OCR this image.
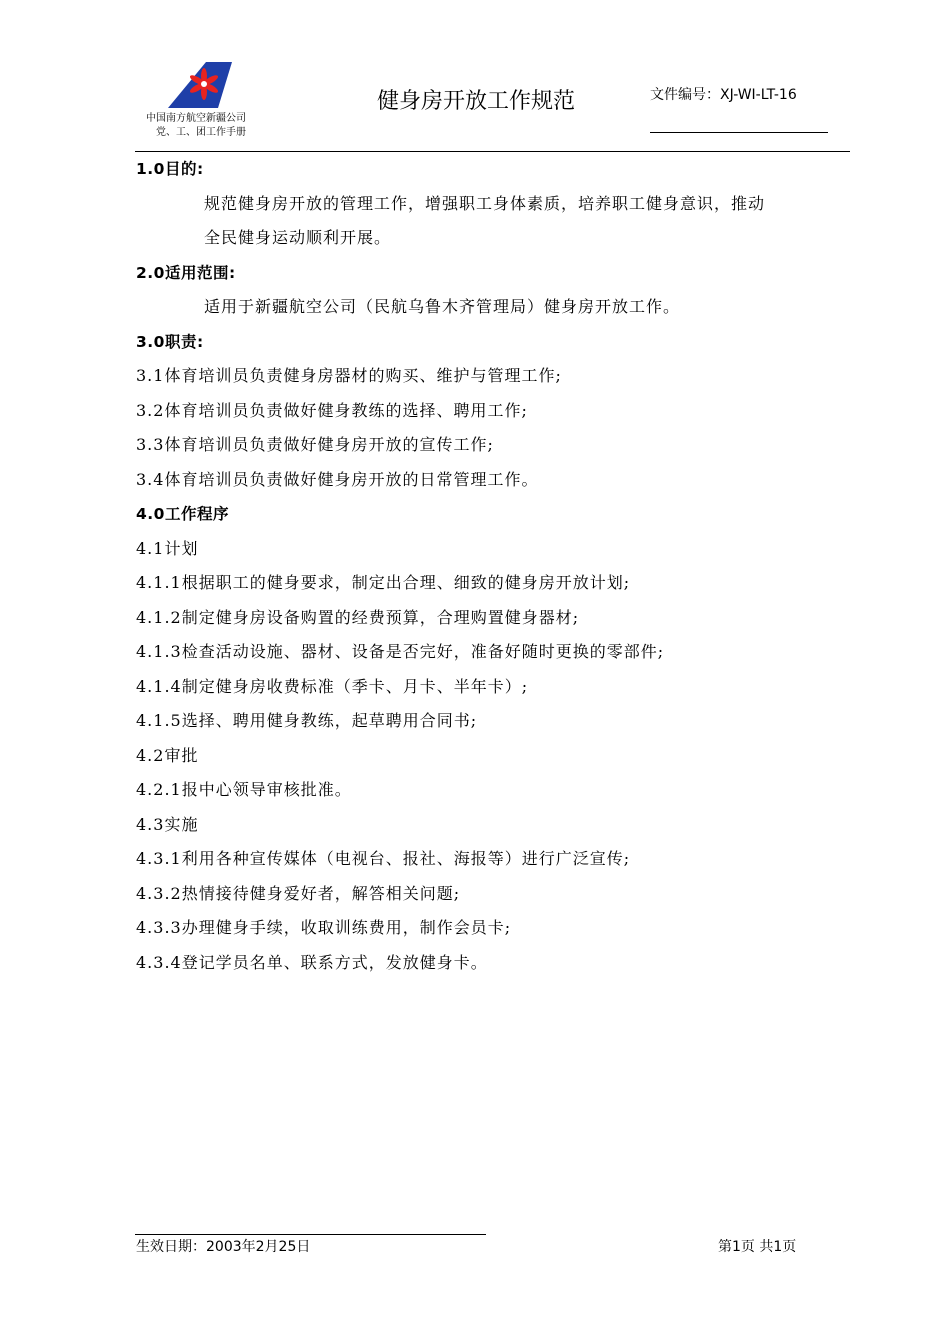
中国南方航空新疆公司
党、工、团工作手册
健身房开放工作规范	文件编号：XJ-WI-LT-16
1.0目的:
规范健身房开放的管理工作，增强职工身体素质，培养职工健身意识，推动
全民健身运动顺利开展。
2.0适用范围:
适用于新疆航空公司（民航乌鲁木齐管理局）健身房开放工作。
3.0职责:
3.1体育培训员负责健身房器材的购买、维护与管理工作;
3.2体育培训员负责做好健身教练的选择、聘用工作;
3.3体育培训员负责做好健身房开放的宣传工作;
3.4体育培训员负责做好健身房开放的日常管理工作。
4.0工作程序
4.1计划
4.1.1根据职工的健身要求，制定出合理、细致的健身房开放计划;
4.1.2制定健身房设备购置的经费预算，合理购置健身器材;
4.1.3检查活动设施、器材、设备是否完好，准备好随时更换的零部件;
4.1.4制定健身房收费标准（季卡、月卡、半年卡）;
4.1.5选择、聘用健身教练，起草聘用合同书;
4.2审批
4.2.1报中心领导审核批准。
4.3实施
4.3.1利用各种宣传媒体（电视台、报社、海报等）进行广泛宣传;
4.3.2热情接待健身爱好者，解答相关问题;
4.3.3办理健身手续，收取训练费用，制作会员卡;
4.3.4登记学员名单、联系方式，发放健身卡。
生效日期：2003年2月25日	第1页 共1页
